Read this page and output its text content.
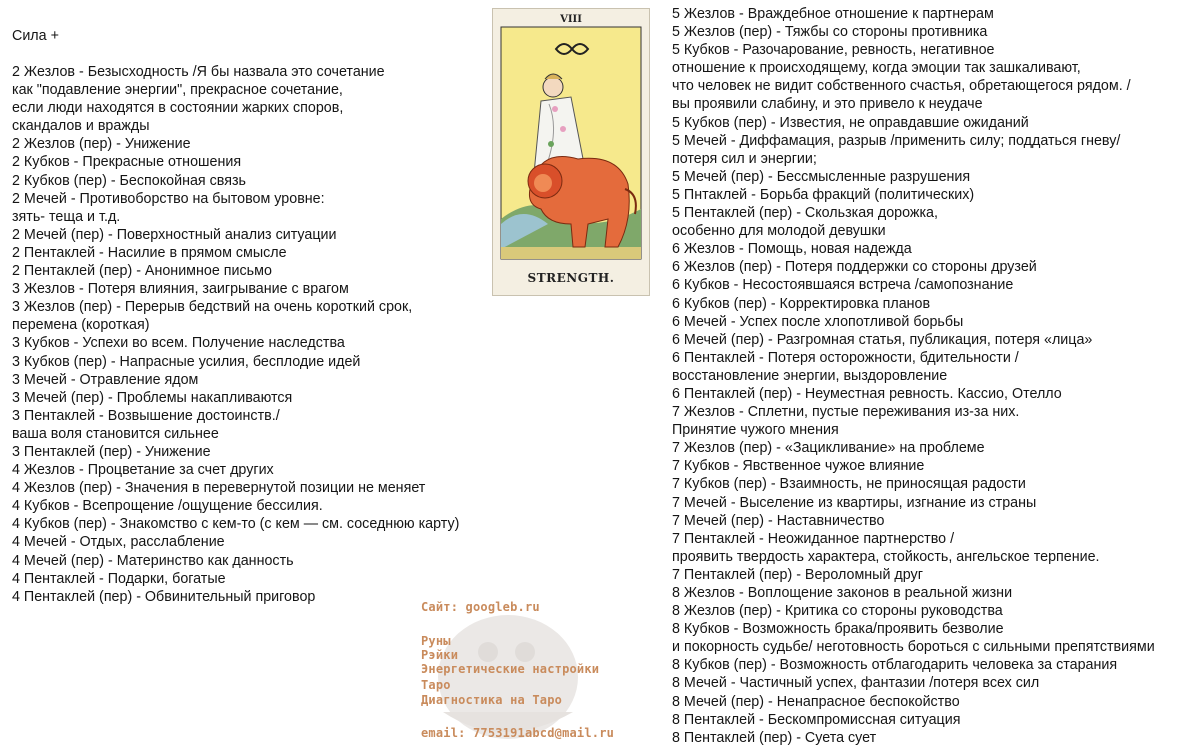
Сила +
2 Жезлов - Безысходность /Я бы назвала это сочетание
как "подавление энергии", прекрасное сочетание,
если люди находятся в состоянии жарких споров,
скандалов и вражды
2 Жезлов (пер) - Унижение
2 Кубков - Прекрасные отношения
2 Кубков (пер) - Беспокойная связь
2 Мечей - Противоборство на бытовом уровне:
зять- теща и т.д.
2 Мечей (пер) - Поверхностный анализ ситуации
2 Пентаклей - Насилие в прямом смысле
2 Пентаклей (пер) - Анонимное письмо
3 Жезлов - Потеря влияния, заигрывание с врагом
3 Жезлов (пер) - Перерыв бедствий на очень короткий срок,
перемена (короткая)
3 Кубков - Успехи во всем. Получение наследства
3 Кубков (пер) - Напрасные усилия, бесплодие идей
3 Мечей - Отравление ядом
3 Мечей (пер) - Проблемы накапливаются
3 Пентаклей - Возвышение достоинств./
ваша воля становится сильнее
3 Пентаклей (пер) - Унижение
4 Жезлов - Процветание за счет других
4 Жезлов (пер) - Значения в перевернутой позиции не меняет
4 Кубков - Всепрощение /ощущение бессилия.
4 Кубков (пер) - Знакомство с кем-то (с кем — см. соседнюю карту)
4 Мечей - Отдых, расслабление
4 Мечей (пер) - Материнство как данность
4 Пентаклей - Подарки, богатые
4 Пентаклей (пер) - Обвинительный приговор
VIII
STRENGTH.
5 Жезлов - Враждебное отношение к партнерам
5 Жезлов (пер) - Тяжбы со стороны противника
5 Кубков - Разочарование, ревность, негативное
отношение к происходящему, когда эмоции так зашкаливают,
что человек не видит собственного счастья, обретающегося рядом. /
вы проявили слабину, и это привело к неудаче
5 Кубков (пер) - Известия, не оправдавшие ожиданий
5 Мечей - Диффамация, разрыв /применить силу; поддаться гневу/
потеря сил и энергии;
5 Мечей (пер) - Бессмысленные разрушения
5 Пнтаклей - Борьба фракций (политических)
5 Пентаклей (пер) - Скользкая дорожка,
особенно для молодой девушки
6 Жезлов - Помощь, новая надежда
6 Жезлов (пер) - Потеря поддержки со стороны друзей
6 Кубков - Несостоявшаяся встреча /самопознание
6 Кубков (пер) - Корректировка планов
6 Мечей - Успех после хлопотливой борьбы
6 Мечей (пер) - Разгромная статья, публикация, потеря «лица»
6 Пентаклей - Потеря осторожности, бдительности /
восстановление энергии, выздоровление
6 Пентаклей (пер) - Неуместная ревность. Кассио, Отелло
7 Жезлов - Сплетни, пустые переживания из-за них.
Принятие чужого мнения
7 Жезлов (пер) - «Зацикливание» на проблеме
7 Кубков - Явственное чужое влияние
7 Кубков (пер) - Взаимность, не приносящая радости
7 Мечей - Выселение из квартиры, изгнание из страны
7 Мечей (пер) - Наставничество
7 Пентаклей - Неожиданное партнерство /
проявить твердость характера, стойкость, ангельское терпение.
7 Пентаклей (пер) - Вероломный друг
8 Жезлов - Воплощение законов в реальной жизни
8 Жезлов (пер) - Критика со стороны руководства
8 Кубков - Возможность брака/проявить безволие
и покорность судьбе/ неготовность бороться с сильными препятствиями
8 Кубков (пер) - Возможность отблагодарить человека за старания
8 Мечей - Частичный успех, фантазии /потеря всех сил
8 Мечей (пер) - Ненапрасное беспокойство
8 Пентаклей - Бескомпромиссная ситуация
8 Пентаклей (пер) - Суета сует
Сайт: googleb.ru
Руны
Рэйки
Энергетические настройки
Таро
Диагностика на Таро
email: 7753191abcd@mail.ru
